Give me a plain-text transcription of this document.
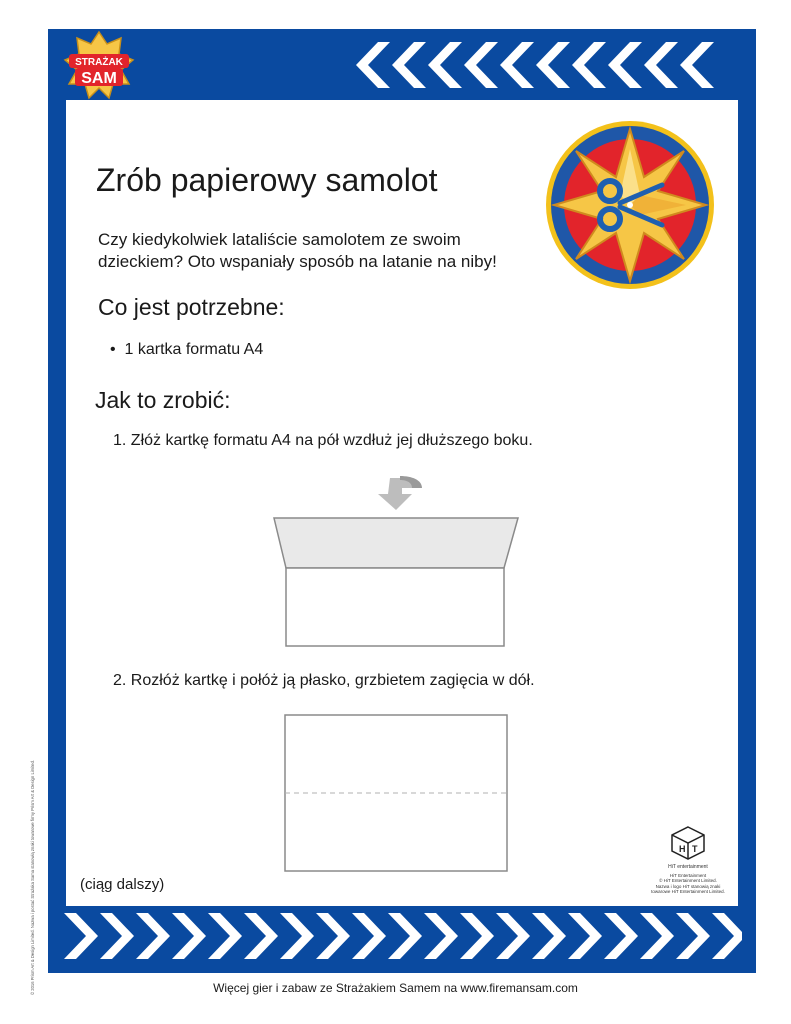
STRAŻAK
SAM
Zrób papierowy samolot
Czy kiedykolwiek lataliście samolotem ze swoim
dzieckiem? Oto wspaniały sposób na latanie na niby!
Co jest potrzebne:
•  1 kartka formatu A4
Jak to zrobić:
1. Złóż kartkę formatu A4 na pół wzdłuż jej dłuższego boku.
2. Rozłóż kartkę i połóż ją płasko, grzbietem zagięcia w dół.
(ciąg dalszy)
H T
HiT entertainment
HiT Entertainment
© HiT Entertainment Limited.
Nazwa i logo HiT stanowią znaki
towarowe HiT Entertainment Limited.
© 2016 Prism Art & Design Limited. Nazwa i postać Strażaka Sama stanowią znaki towarowe firmy Prism Art & Design Limited.	Więcej gier i zabaw ze Strażakiem Samem na www.firemansam.com
